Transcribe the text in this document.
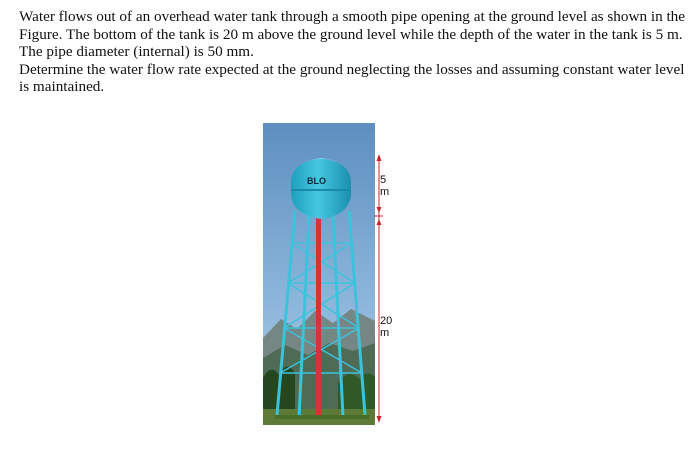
Water flows out of an overhead water tank through a smooth pipe opening at the ground level as shown in the Figure. The bottom of the tank is 20 m above the ground level while the depth of the water in the tank is 5 m. The pipe diameter (internal) is 50 mm.

Determine the water flow rate expected at the ground neglecting the losses and assuming constant water level is maintained.

BLO	5 m
20 m
